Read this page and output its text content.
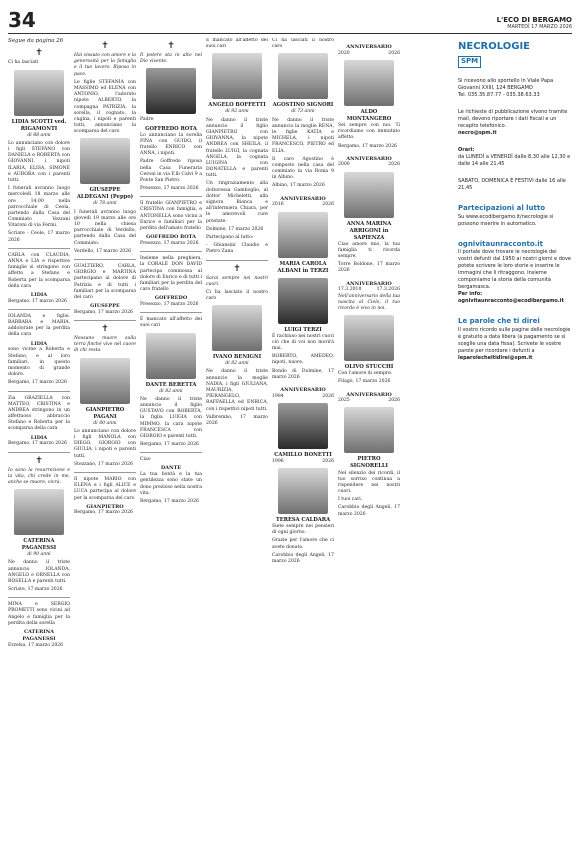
34	L'ECO DI BERGAMO
MARTEDÌ 17 MARZO 2026
Segue da pagina 26
✝

Ci ha lasciati

LIDIA SCOTTI ved. RIGAMONTI
di 88 anni

Lo annunciano con dolore i figli STEFANO con DANIELA e ROBERTA con GIOVANNI, i nipoti ILARIA, ELISA, SIMONE e AURORA con i parenti tutti.

I funerali avranno luogo mercoledì 18 marzo alle ore 14,00 nella parrocchiale di Ceola, partendo dalla Casa del Commiato Vezzani Vitaroni di via Fermi.

Scriate - Ceole, 17 marzo 2026

CARLA con CLAUDIA, ANNA e LIA e rispettive famiglie si stringono con affetto a Stefano e Roberta per la scomparsa della cara

LIDIA

Bergamo, 17 marzo 2026

IOLANDA e figlie, BARBARA e MARIA, addolorate per la perdita della cara

LIDIA

sono vicine a Roberta e Stefano, e al loro familiari, in questo momento di grande dolore.

Bergamo, 17 marzo 2026

Zia GRAZIELLA con MATTEO, CRISTINA e ANDREA stringono in un affettuoso abbraccio Stefano e Roberta per la scomparsa della cara

LIDIA

Bergamo, 17 marzo 2026

✝

Io sono la resurrezione e la vita, chi crede in me, anche se muore, vivrà.

CATERINA PAGANESSI
di 90 anni

Ne danno il triste annuncio IOLANDA, ANGELO e ORNELLA con ROSELLA e parenti tutti.

Scriate, 17 marzo 2026

MINA e SERGIO PROMETTI sono vicini ad Angelo e famiglia per la perdita della sorella

CATERINA PAGANESSI

Erzelsa, 17 marzo 2026

✝

Hai vissuto con amore e la generosità per la famiglia e il tuo lavoro. Riposa in pace.

Le figlie STEFANIA con MASSIMO ed ELENA con ANTONIO, l'adorato nipote ALBERTO, la compagna PATRIZIA, la sorella, il cognato, la cugina, i nipoti e parenti tutti, annunciano la scomparsa del caro

GIUSEPPE ALDEGANI (Peppo)
di 78 anni

I funerali avranno luogo giovedì 19 marzo alle ore 10 nella chiesa parrocchiale di Verdello, partendo dalla Casa del Commiato.

Verdello, 17 marzo 2026

GUALTIERO, CARLA, GIORGIO e MARTINA partecipano al dolore di Patrizia e di tutti i familiari per la scomparsa del caro

GIUSEPPE

Bergamo, 17 marzo 2026

✝

Nessuno muore sulla terra finché vive nel cuore di chi resta.

GIANPIETRO PAGANI
di 80 anni

Lo annunciano con dolore i figli MANOLA con DIEGO, GIORGIO con GIULIA, i nipoti e parenti tutti.

Stezzano, 17 marzo 2026

Il nipote MARIO con ELENA e i figli ALICE e LUCA partecipa al dolore per la scomparsa del caro

GIANPIETRO

Bergamo, 17 marzo 2026

✝

Il potere sta in alto nel Dio vivente.

Padre

GOFFREDO ROTA

Lo annunciano la sorella PINA con GUIDO, il fratello ENRICO con ANNA, i nipoti.

Padre Goffredo riposa nella Casa Funeraria Ceroni in via F.lli Calvi 9 a Ponte San Pietro.

Presezzo, 17 marzo 2026

Il fratello GIANPIETRO e CRISTINA con famiglia, e ANTONELLA sono vicini a Enrico e familiari per la perdita dell'amato fratello

GOFFREDO ROTA

Presezzo, 17 marzo 2026

Insieme nella preghiera, la CORALE DON DAVID partecipa commossa al dolore di Enrico e di tutti i familiari per la perdita del caro fratello

GOFFREDO

Presezzo, 17 marzo 2026

È mancato all'affetto dei suoi cari

DANTE BERETTA
di 82 anni

Ne danno il triste annuncio il figlio GUSTAVO con ROBERTA, la figlia LUIGIA con MIMMO, la cara nipote FRANCESCA con GIORGIO e parenti tutti.

Bergamo, 17 marzo 2026

Ciao

DANTE

La tua bontà e la tua gentilezza sono state un dono prezioso nella nostra vita.

Bergamo, 17 marzo 2026

È mancato all'affetto dei suoi cari

ANGELO BOFFETTI
di 92 anni

Ne danno il triste annuncio il figlio GIANPIETRO con GIOVANNA, la nipote ANDREA con SHEILA, il fratello LUIGI, la cognata ANGELA, la cognata LUIGINA con DONATELLA e parenti tutti.

Un ringraziamento alla dottoressa Gamboglio, al dottor Micheletti, alla signora Bianca e all'infermiera Chiara, per le amorevoli cure prestate.

Dolmine, 17 marzo 2026

Partecipano al lutto:

- Ghiansini Claudio e Pietro Zana

✝

Sarai sempre nei nostri cuori.

Ci ha lasciato il nostro caro

IVANO BENIGNI
di 82 anni

Ne danno il triste annuncio la moglie NADIA, i figli GIULIANA, MAURIZIA, PIERANGELO, RAFFAELLA ed ENRICA, con i rispettivi nipoti tutti.

Valbrembo, 17 marzo 2026

Ci ha lasciati il nostro caro

AGOSTINO SIGNORI
di 73 anni

Ne danno il triste annuncio la moglie RENA, le figlie KATIA e MICHELA, i nipoti FRANCESCO, PIETRO ed ELIA.

Il caro Agostino è composto nella casa del commiato in via Roma 9 in Albino.

Albino, 17 marzo 2026

ANNIVERSARIO
2016	2026
MARIA CAROLA ALBANI in TERZI
LUIGI TERZI

È rachiuso nei nostri cuori ciò che di voi non morirà mai.

ROBERTO, AMEDEO, nipoti, nuore.

Bondo di Dolmine, 17 marzo 2026

ANNIVERSARIO
1984	2026
CAMILLO BONETTI
1996	2026
TERESA CALDARA

Siete sempre nei pensieri di ogni giorno.

Grazie per l'amore che ci avete donato.

Carobbio degli Angeli, 17 marzo 2026

ANNIVERSARIO
2020	2026
ALDO MONTANGERO

Sei sempre con noi. Ti ricordiamo con immutato affetto.

Bergamo, 17 marzo 2026

ANNIVERSARIO
2000	2026
ANNA MARINA ARRIGONI in SAPIENZA

Ciao amore mio, la tua famiglia ti ricorda sempre.

Torre Boldone, 17 marzo 2026

ANNIVERSARIO
17.3.2010	17.3.2026

Nell'anniversario della tua nascita al Cielo, il tuo ricordo è vivo in noi.

OLIVO STUCCHI

Con l'amore di sempre.

Filago, 17 marzo 2026

ANNIVERSARIO
2025	2026
PIETRO SIGNORELLI

Nel silenzio dei ricordi, il tuo sorriso continua a rispendere nei nostri cuori.

I tuoi cari.

Carobbio degli Angeli, 17 marzo 2026

NECROLOGIE
SPM
Si ricevono allo sportello in Viale Papa Giovanni XXIII, 124 BERGAMO
Tel. 035.35.87.77 - 035.38.63.33
Le richieste di pubblicazione vivono tramite mail, devono riportare i dati fiscali e un recapito telefonico.
necro@spm.it
Orari:
da LUNEDÌ a VENERDÌ dalle 8,30 alle 12,30 e dalle 14 alle 21,45
SABATO, DOMENICA E FESTIVI dalle 16 alle 21,45
Partecipazioni al lutto
Su www.ecodibergamo.it/necrologie si possono inserire in automatico.
ognivitaunracconto.it
Il portale dove trovare le necrologie dei vostri defunti dal 1950 ai nostri giorni e dove potete scrivere le loro storie e inserire le immagini che li ritraggono. Insieme componiamo la storia della comunità bergamasca.
Per info: ognivitaunracconto@ecodibergamo.it
Le parole che ti direi
Il vostro ricordo sulle pagine delle necrologie è gratuito a data libera (a pagamento se si sceglie una data fissa). Scrivete le vostre parole per ricordare i defunti a
leparolecheltidirei@spm.it
